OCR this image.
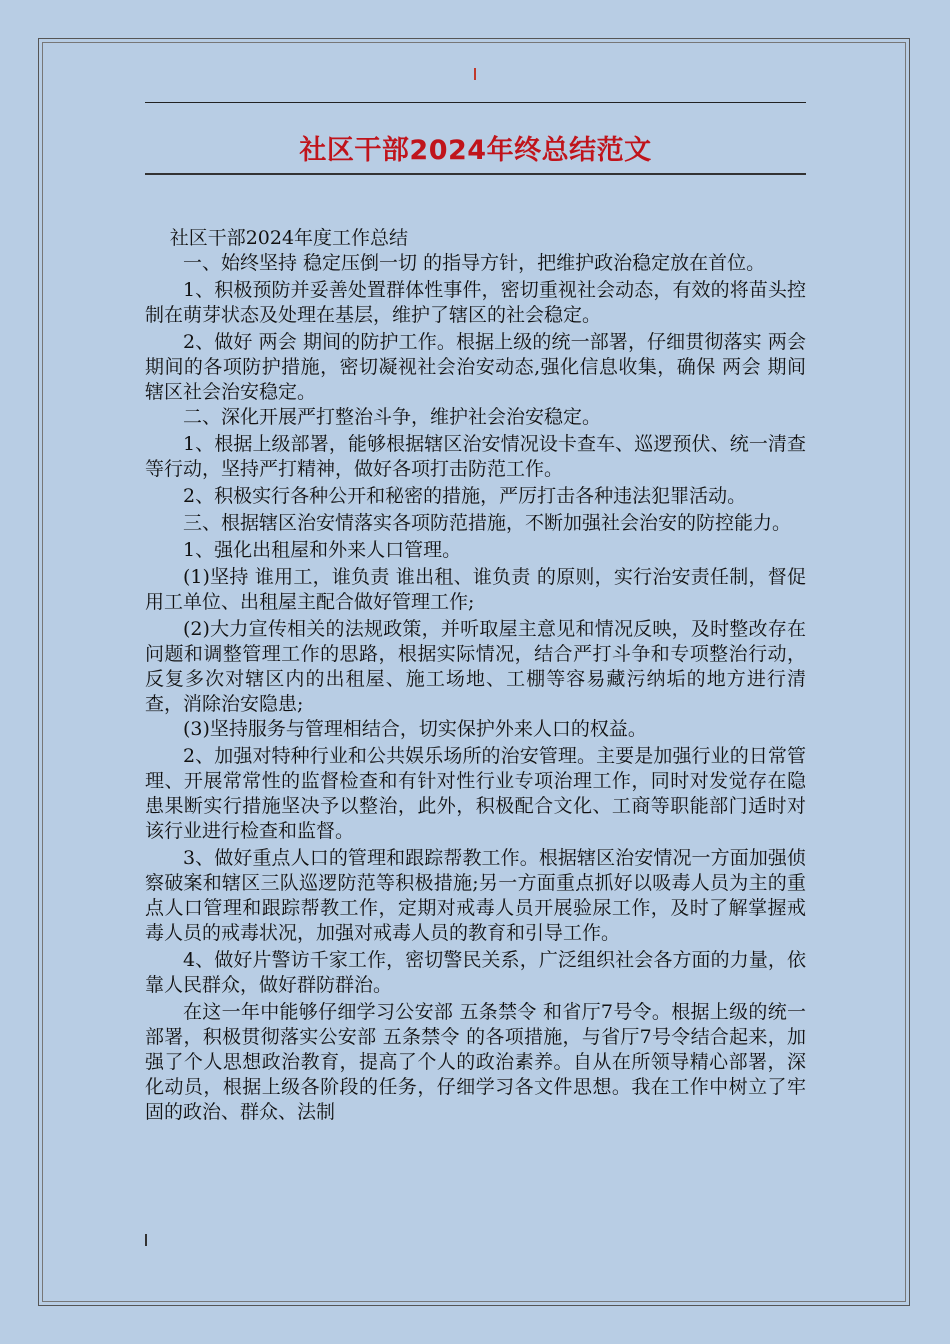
社区干部2024年终总结范文

社区干部2024年度工作总结

一、始终坚持 稳定压倒一切 的指导方针，把维护政治稳定放在首位。

1、积极预防并妥善处置群体性事件，密切重视社会动态，有效的将苗头控制在萌芽状态及处理在基层，维护了辖区的社会稳定。

2、做好 两会 期间的防护工作。根据上级的统一部署，仔细贯彻落实 两会 期间的各项防护措施，密切凝视社会治安动态,强化信息收集，确保 两会 期间辖区社会治安稳定。

二、深化开展严打整治斗争，维护社会治安稳定。

1、根据上级部署，能够根据辖区治安情况设卡查车、巡逻预伏、统一清查等行动，坚持严打精神，做好各项打击防范工作。

2、积极实行各种公开和秘密的措施，严厉打击各种违法犯罪活动。

三、根据辖区治安情落实各项防范措施，不断加强社会治安的防控能力。

1、强化出租屋和外来人口管理。

(1)坚持 谁用工，谁负责 谁出租、谁负责 的原则，实行治安责任制，督促用工单位、出租屋主配合做好管理工作;

(2)大力宣传相关的法规政策，并听取屋主意见和情况反映，及时整改存在问题和调整管理工作的思路，根据实际情况，结合严打斗争和专项整治行动，反复多次对辖区内的出租屋、施工场地、工棚等容易藏污纳垢的地方进行清查，消除治安隐患;

(3)坚持服务与管理相结合，切实保护外来人口的权益。

2、加强对特种行业和公共娱乐场所的治安管理。主要是加强行业的日常管理、开展常常性的监督检查和有针对性行业专项治理工作，同时对发觉存在隐患果断实行措施坚决予以整治，此外，积极配合文化、工商等职能部门适时对该行业进行检查和监督。

3、做好重点人口的管理和跟踪帮教工作。根据辖区治安情况一方面加强侦察破案和辖区三队巡逻防范等积极措施;另一方面重点抓好以吸毒人员为主的重点人口管理和跟踪帮教工作，定期对戒毒人员开展验尿工作，及时了解掌握戒毒人员的戒毒状况，加强对戒毒人员的教育和引导工作。

4、做好片警访千家工作，密切警民关系，广泛组织社会各方面的力量，依靠人民群众，做好群防群治。

在这一年中能够仔细学习公安部 五条禁令 和省厅7号令。根据上级的统一部署，积极贯彻落实公安部 五条禁令 的各项措施，与省厅7号令结合起来，加强了个人思想政治教育，提高了个人的政治素养。自从在所领导精心部署，深化动员，根据上级各阶段的任务，仔细学习各文件思想。我在工作中树立了牢固的政治、群众、法制
